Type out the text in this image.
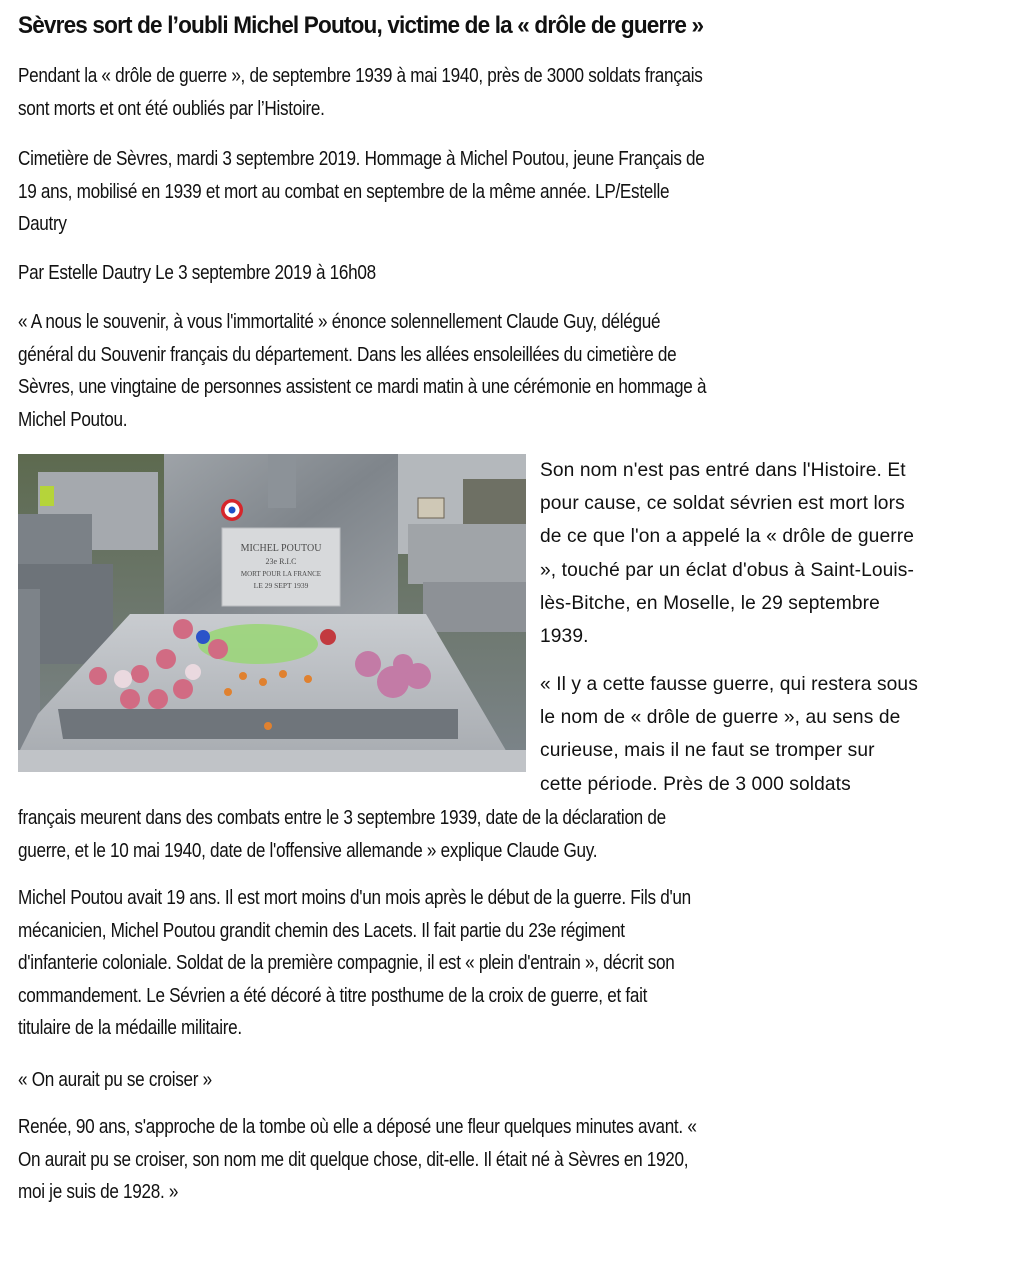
Sèvres sort de l’oubli Michel Poutou, victime de la « drôle de guerre »
Pendant la « drôle de guerre », de septembre 1939 à mai 1940, près de 3000 soldats français
sont morts et ont été oubliés par l’Histoire.
Cimetière de Sèvres, mardi 3 septembre 2019. Hommage à Michel Poutou, jeune Français de
19 ans, mobilisé en 1939 et mort au combat en septembre de la même année. LP/Estelle
Dautry
Par Estelle Dautry Le 3 septembre 2019 à 16h08
« A nous le souvenir, à vous l'immortalité » énonce solennellement Claude Guy, délégué
général du Souvenir français du département. Dans les allées ensoleillées du cimetière de
Sèvres, une vingtaine de personnes assistent ce mardi matin à une cérémonie en hommage à
Michel Poutou.
MICHEL POUTOU
23e R.I.C
MORT POUR LA FRANCE
LE 29 SEPT 1939
Son nom n'est pas entré dans l'Histoire. Et
pour cause, ce soldat sévrien est mort lors
de ce que l'on a appelé la « drôle de guerre
», touché par un éclat d'obus à Saint-Louis-
lès-Bitche, en Moselle, le 29 septembre
1939.
« Il y a cette fausse guerre, qui restera sous
le nom de « drôle de guerre », au sens de
curieuse, mais il ne faut se tromper sur
cette période. Près de 3 000 soldats
français meurent dans des combats entre le 3 septembre 1939, date de la déclaration de
guerre, et le 10 mai 1940, date de l'offensive allemande » explique Claude Guy.
Michel Poutou avait 19 ans. Il est mort moins d'un mois après le début de la guerre. Fils d'un
mécanicien, Michel Poutou grandit chemin des Lacets. Il fait partie du 23e régiment
d'infanterie coloniale. Soldat de la première compagnie, il est « plein d'entrain », décrit son
commandement. Le Sévrien a été décoré à titre posthume de la croix de guerre, et fait
titulaire de la médaille militaire.
« On aurait pu se croiser »
Renée, 90 ans, s'approche de la tombe où elle a déposé une fleur quelques minutes avant. «
On aurait pu se croiser, son nom me dit quelque chose, dit-elle. Il était né à Sèvres en 1920,
moi je suis de 1928. »
